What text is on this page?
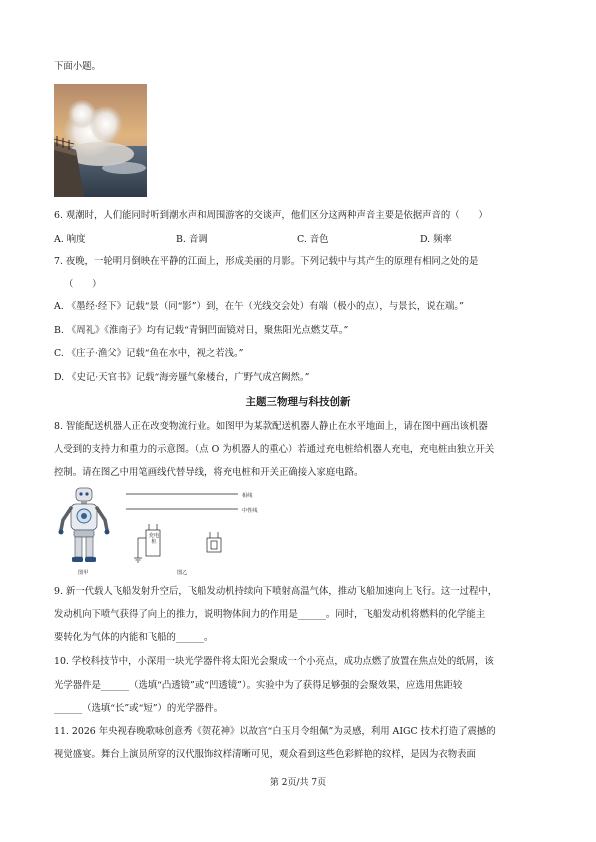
下面小题。
6. 观潮时，人们能同时听到潮水声和周围游客的交谈声，他们区分这两种声音主要是依据声音的（　　）
A. 响度	B. 音调	C. 音色	D. 频率
7. 夜晚，一轮明月倒映在平静的江面上，形成美丽的月影。下列记载中与其产生的原理有相同之处的是
（　　）
A. 《墨经·经下》记载“景（同“影”）到，在午（光线交会处）有端（极小的点），与景长，说在端。”
B. 《周礼》《淮南子》均有记载“青铜凹面镜对日，聚焦阳光点燃艾草。”
C. 《庄子·渔父》记载“鱼在水中，视之若浅。”
D. 《史记·天官书》记载“海旁蜃气象楼台，广野气成宫阙然。”
主题三物理与科技创新
8. 智能配送机器人正在改变物流行业。如图甲为某款配送机器人静止在水平地面上，请在图中画出该机器
人受到的支持力和重力的示意图。（点 O 为机器人的重心）若通过充电桩给机器人充电，充电桩由独立开关
控制。请在图乙中用笔画线代替导线，将充电桩和开关正确接入家庭电路。
图甲
相线
中性线
充电桩
图乙
9. 新一代载人飞船发射升空后，飞船发动机持续向下喷射高温气体，推动飞船加速向上飞行。这一过程中，
发动机向下喷气获得了向上的推力，说明物体间力的作用是______。同时，飞船发动机将燃料的化学能主
要转化为气体的内能和飞船的______。
10. 学校科技节中，小深用一块光学器件将太阳光会聚成一个小亮点，成功点燃了放置在焦点处的纸屑，该
光学器件是______（选填“凸透镜”或“凹透镜”）。实验中为了获得足够强的会聚效果，应选用焦距较
______（选填“长”或“短”）的光学器件。
11. 2026 年央视春晚歌咏创意秀《贺花神》以故宫“白玉月令组佩”为灵感，利用 AIGC 技术打造了震撼的
视觉盛宴。舞台上演员所穿的汉代服饰纹样清晰可见，观众看到这些色彩鲜艳的纹样，是因为衣物表面
第 2页/共 7页
